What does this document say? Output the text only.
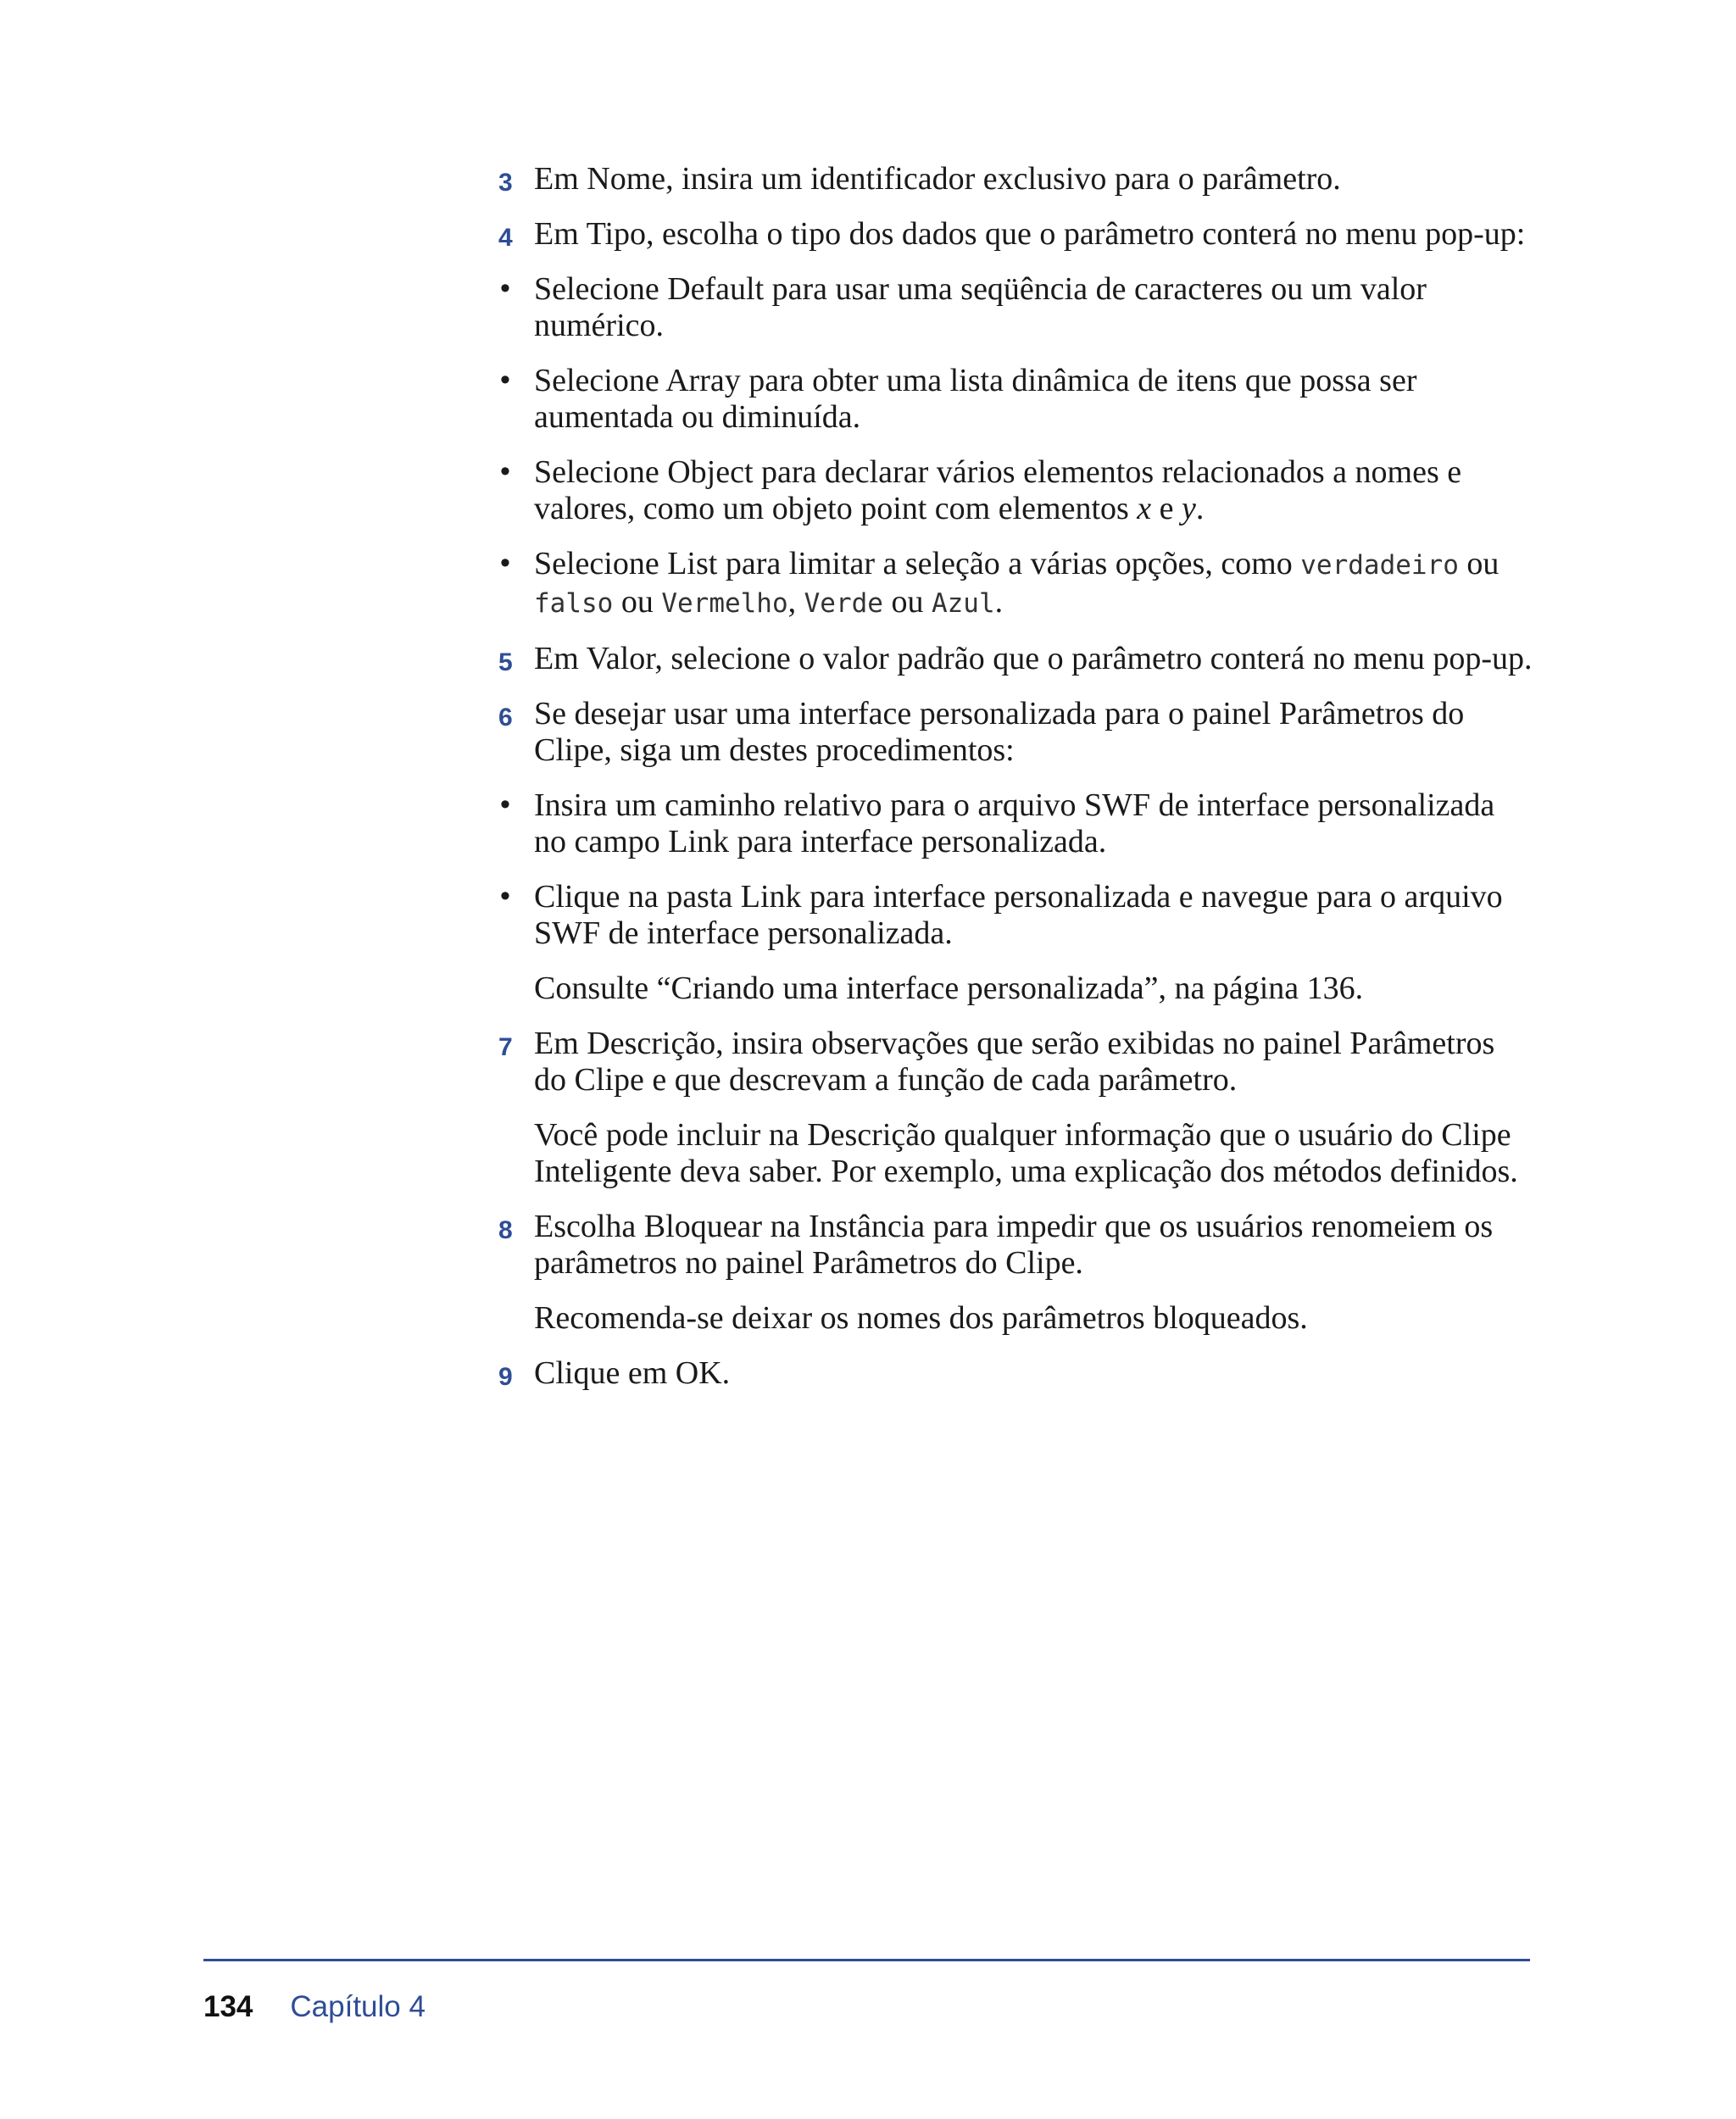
3 Em Nome, insira um identificador exclusivo para o parâmetro.
4 Em Tipo, escolha o tipo dos dados que o parâmetro conterá no menu pop-up:
• Selecione Default para usar uma seqüência de caracteres ou um valor numérico.
• Selecione Array para obter uma lista dinâmica de itens que possa ser aumentada ou diminuída.
• Selecione Object para declarar vários elementos relacionados a nomes e valores, como um objeto point com elementos x e y.
• Selecione List para limitar a seleção a várias opções, como verdadeiro ou falso ou Vermelho, Verde ou Azul.
5 Em Valor, selecione o valor padrão que o parâmetro conterá no menu pop-up.
6 Se desejar usar uma interface personalizada para o painel Parâmetros do Clipe, siga um destes procedimentos:
• Insira um caminho relativo para o arquivo SWF de interface personalizada no campo Link para interface personalizada.
• Clique na pasta Link para interface personalizada e navegue para o arquivo SWF de interface personalizada.
Consulte “Criando uma interface personalizada”, na página 136.
7 Em Descrição, insira observações que serão exibidas no painel Parâmetros do Clipe e que descrevam a função de cada parâmetro.
Você pode incluir na Descrição qualquer informação que o usuário do Clipe Inteligente deva saber. Por exemplo, uma explicação dos métodos definidos.
8 Escolha Bloquear na Instância para impedir que os usuários renomeiem os parâmetros no painel Parâmetros do Clipe.
Recomenda-se deixar os nomes dos parâmetros bloqueados.
9 Clique em OK.
134 Capítulo 4
